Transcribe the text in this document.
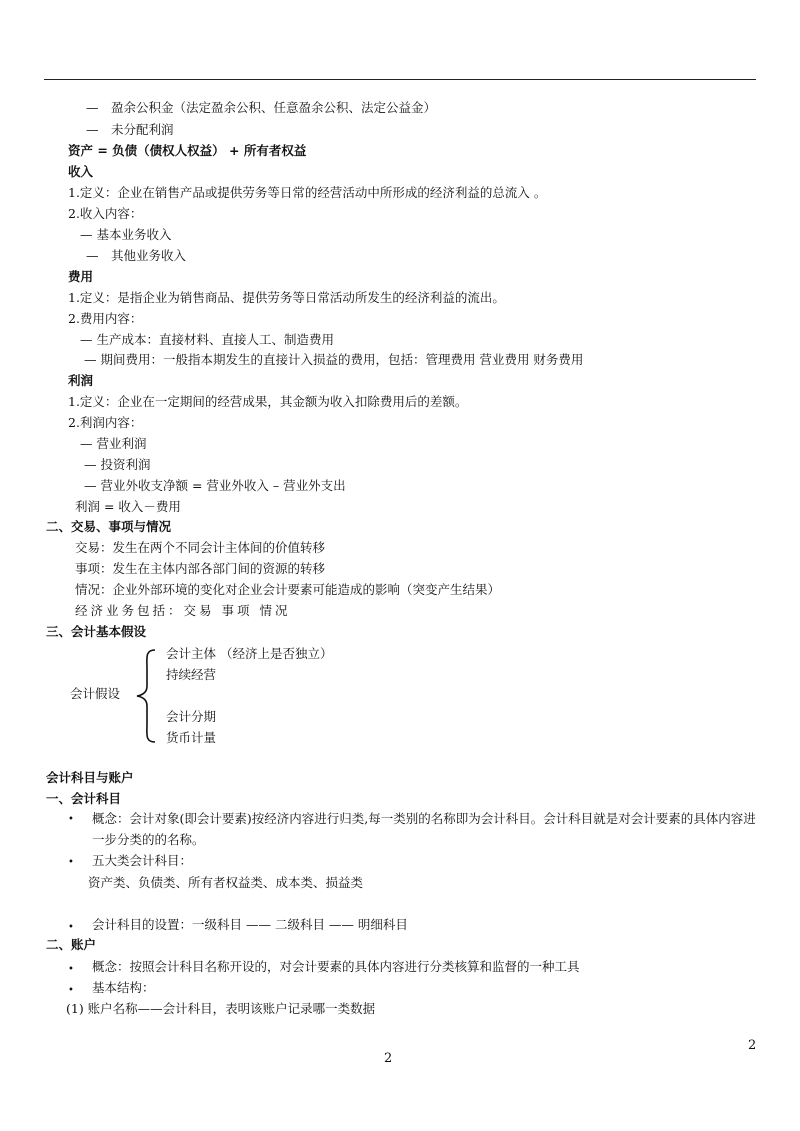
—　盈余公积金（法定盈余公积、任意盈余公积、法定公益金）
—　未分配利润
资产 = 负债（债权人权益） + 所有者权益
收入
1.定义：企业在销售产品或提供劳务等日常的经营活动中所形成的经济利益的总流入 。
2.收入内容：
— 基本业务收入
—　其他业务收入
费用
1.定义：是指企业为销售商品、提供劳务等日常活动所发生的经济利益的流出。
2.费用内容：
— 生产成本：直接材料、直接人工、制造费用
— 期间费用：一般指本期发生的直接计入损益的费用，包括：管理费用 营业费用 财务费用
利润
1.定义：企业在一定期间的经营成果，其金额为收入扣除费用后的差额。
2.利润内容：
— 营业利润
— 投资利润
— 营业外收支净额 = 营业外收入 – 营业外支出
利润 = 收入－费用
二、交易、事项与情况
交易：发生在两个不同会计主体间的价值转移
事项：发生在主体内部各部门间的资源的转移
情况：企业外部环境的变化对企业会计要素可能造成的影响（突变产生结果）
经济业务包括：交易 事项 情况
三、会计基本假设
会计假设
会计主体 （经济上是否独立）
持续经营
会计分期
货币计量
会计科目与账户
一、会计科目
• 概念：会计对象(即会计要素)按经济内容进行归类,每一类别的名称即为会计科目。会计科目就是对会计要素的具体内容进一步分类的的名称。
• 五大类会计科目：
资产类、负债类、所有者权益类、成本类、损益类
• 会计科目的设置：一级科目 —— 二级科目 —— 明细科目
二、账户
• 概念：按照会计科目名称开设的，对会计要素的具体内容进行分类核算和监督的一种工具
• 基本结构：
(1) 账户名称——会计科目，表明该账户记录哪一类数据
2
2
